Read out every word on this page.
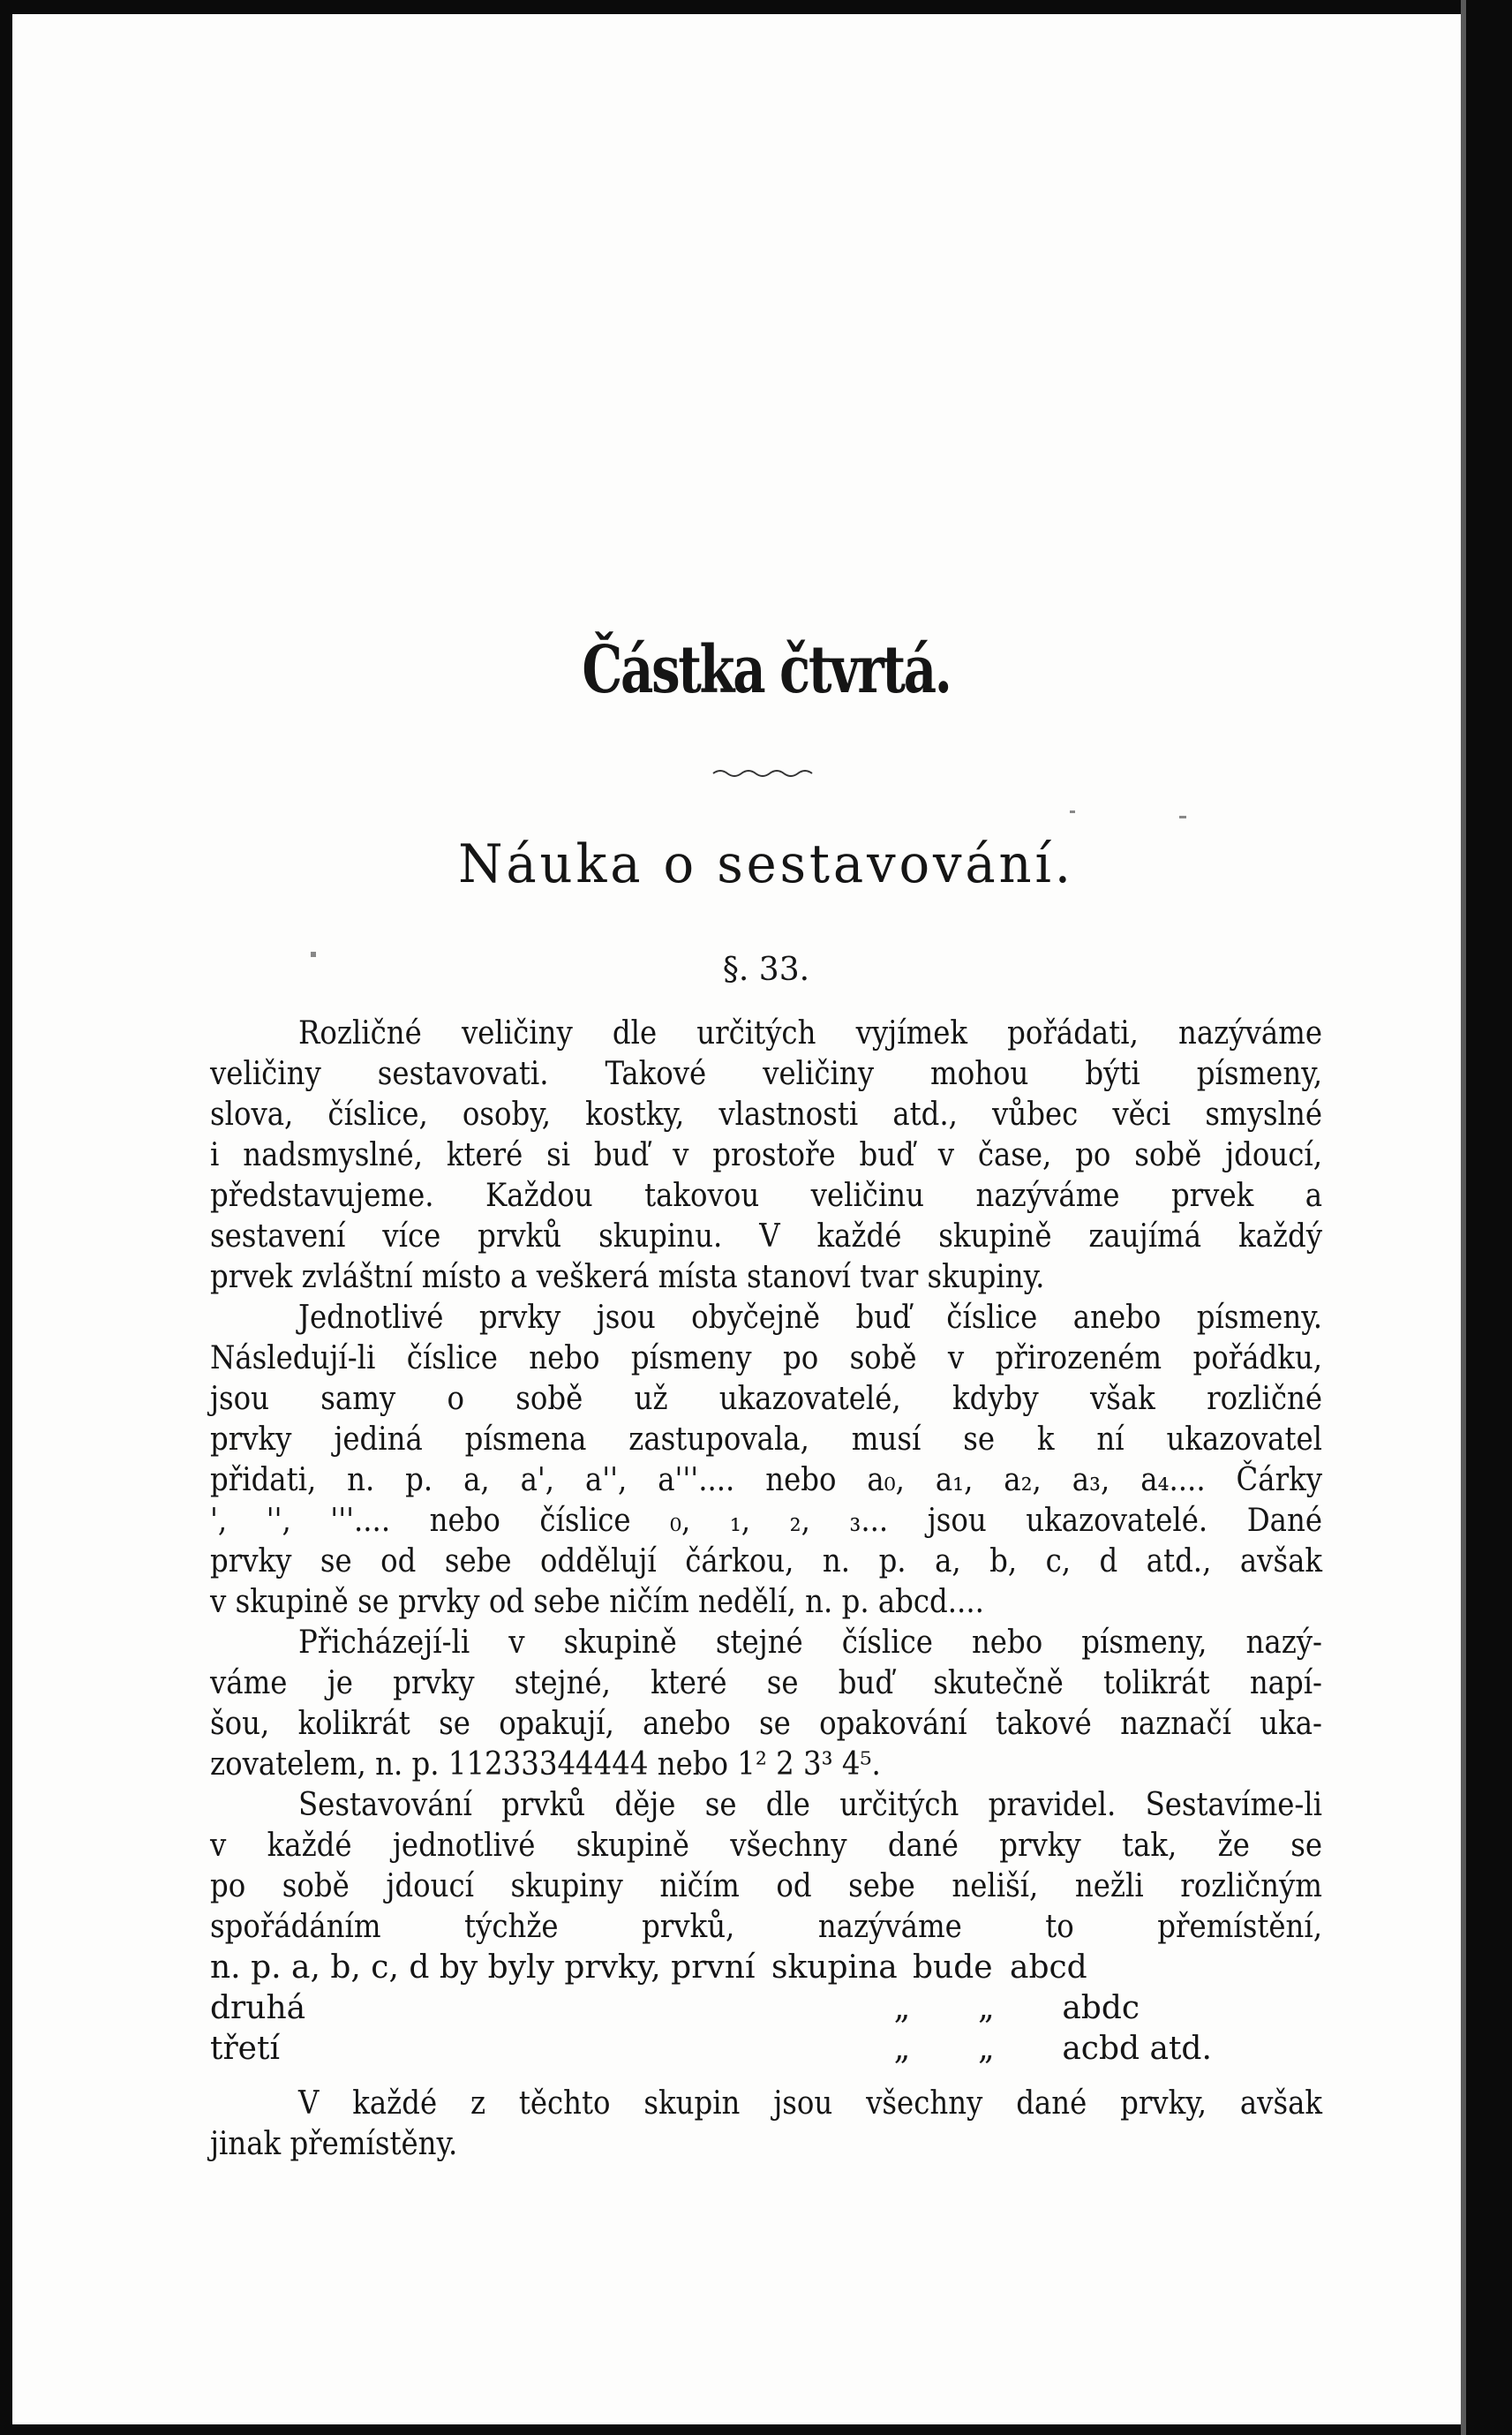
Částka čtvrtá.
Náuka o sestavování.
§. 33.
Rozličné veličiny dle určitých vyjímek pořádati, nazýváme
veličiny sestavovati. Takové veličiny mohou býti písmeny,
slova, číslice, osoby, kostky, vlastnosti atd., vůbec věci smyslné
i nadsmyslné, které si buď v prostoře buď v čase, po sobě jdoucí,
představujeme. Každou takovou veličinu nazýváme prvek a
sestavení více prvků skupinu. V každé skupině zaujímá každý
prvek zvláštní místo a veškerá místa stanoví tvar skupiny.
Jednotlivé prvky jsou obyčejně buď číslice anebo písmeny.
Následují-li číslice nebo písmeny po sobě v přirozeném pořádku,
jsou samy o sobě už ukazovatelé, kdyby však rozličné
prvky jediná písmena zastupovala, musí se k ní ukazovatel
přidati, n. p. a, a', a'', a'''.... nebo a₀, a₁, a₂, a₃, a₄.... Čárky
', '', '''.... nebo číslice ₀, ₁, ₂, ₃... jsou ukazovatelé. Dané
prvky se od sebe oddělují čárkou, n. p. a, b, c, d atd., avšak
v skupině se prvky od sebe ničím nedělí, n. p. abcd....
Přicházejí-li v skupině stejné číslice nebo písmeny, nazý-
váme je prvky stejné, které se buď skutečně tolikrát napí-
šou, kolikrát se opakují, anebo se opakování takové naznačí uka-
zovatelem, n. p. 11233344444 nebo 1² 2 3³ 4⁵.
Sestavování prvků děje se dle určitých pravidel. Sestavíme-li
v každé jednotlivé skupině všechny dané prvky tak, že se
po sobě jdoucí skupiny ničím od sebe neliší, nežli rozličným
spořádáním týchže prvků, nazýváme to přemístění,
n. p. a, b, c, d by byly prvky, první skupina bude abcd
druhá	„	„	abdc
třetí	„	„	acbd atd.
V každé z těchto skupin jsou všechny dané prvky, avšak
jinak přemístěny.
